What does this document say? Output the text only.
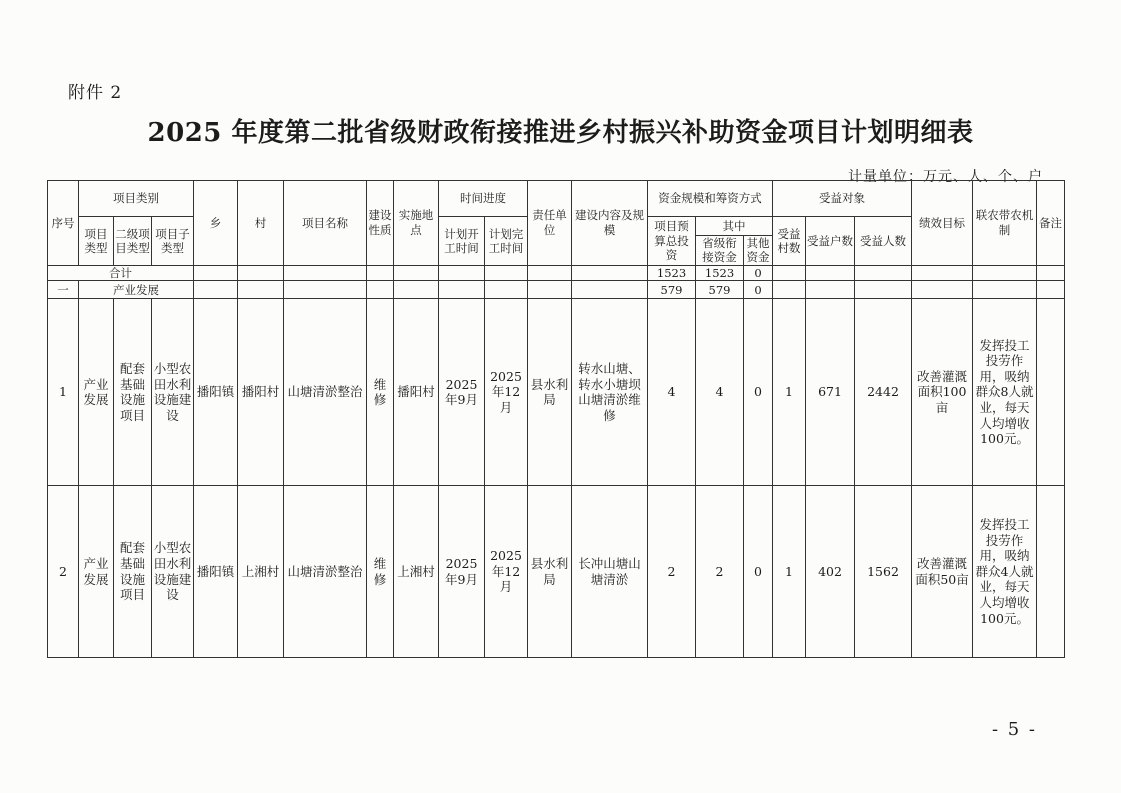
附件 2
2025 年度第二批省级财政衔接推进乡村振兴补助资金项目计划明细表
计量单位：万元、人、个、户
序号	项目类别			乡	村	项目名称	建设性质	实施地点	时间进度		责任单位	建设内容及规模	资金规模和筹资方式			受益对象			绩效目标	联农带农机制	备注
	项目类型	二级项目类型	项目子类型						计划开工时间	计划完工时间			项目预算总投资	其中		受益村数	受益户数	受益人数			
														省级衔接资金	其他资金						
合计													1523	1523	0						
一	产业发展												579	579	0						
1	产业发展	配套基础设施项目	小型农田水利设施建设	播阳镇	播阳村	山塘清淤整治	维修	播阳村	2025年9月	2025年12月	县水利局	转水山塘、转水小塘坝山塘清淤维修	4	4	0	1	671	2442	改善灌溉面积100亩	发挥投工投劳作用，吸纳群众8人就业，每天人均增收100元。	
2	产业发展	配套基础设施项目	小型农田水利设施建设	播阳镇	上湘村	山塘清淤整治	维修	上湘村	2025年9月	2025年12月	县水利局	长冲山塘山塘清淤	2	2	0	1	402	1562	改善灌溉面积50亩	发挥投工投劳作用，吸纳群众4人就业，每天人均增收100元。	
- 5 -
